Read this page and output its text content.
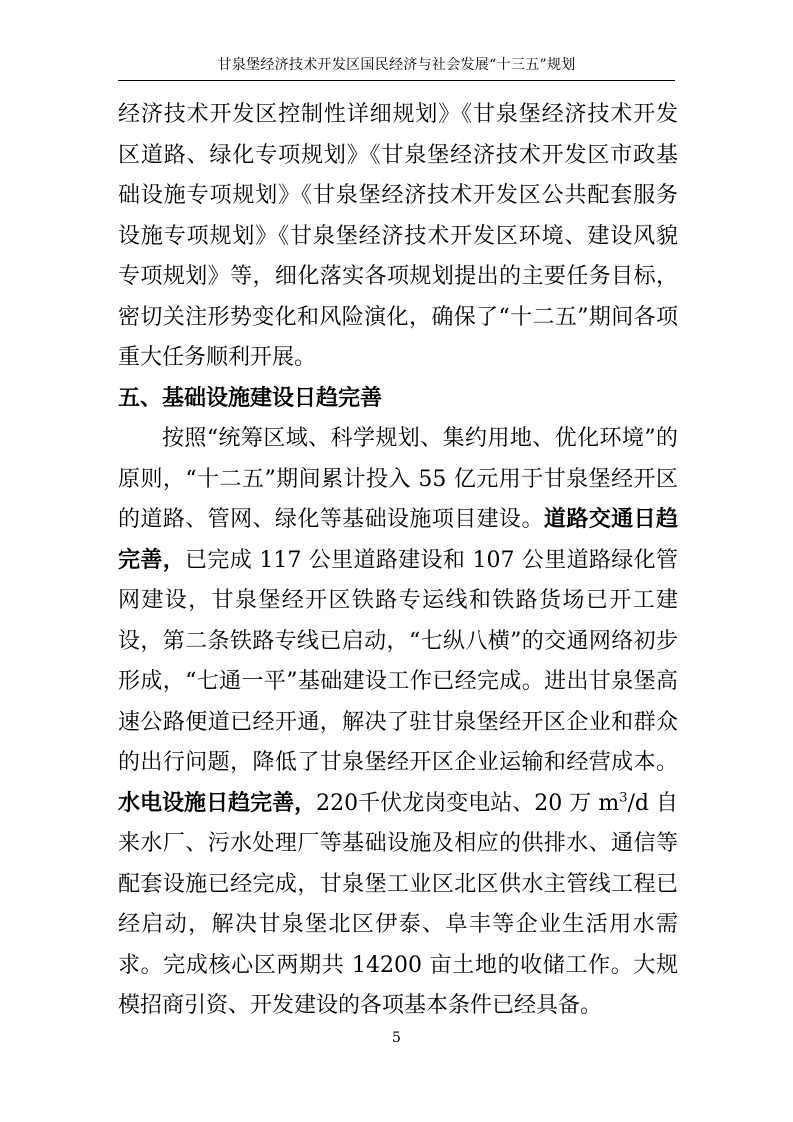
甘泉堡经济技术开发区国民经济与社会发展“十三五”规划

经济技术开发区控制性详细规划》《甘泉堡经济技术开发区道路、绿化专项规划》《甘泉堡经济技术开发区市政基础设施专项规划》《甘泉堡经济技术开发区公共配套服务设施专项规划》《甘泉堡经济技术开发区环境、建设风貌专项规划》等，细化落实各项规划提出的主要任务目标，密切关注形势变化和风险演化，确保了“十二五”期间各项重大任务顺利开展。

五、基础设施建设日趋完善

按照“统筹区域、科学规划、集约用地、优化环境”的原则，“十二五”期间累计投入 55 亿元用于甘泉堡经开区的道路、管网、绿化等基础设施项目建设。道路交通日趋完善，已完成 117 公里道路建设和 107 公里道路绿化管网建设，甘泉堡经开区铁路专运线和铁路货场已开工建设，第二条铁路专线已启动，“七纵八横”的交通网络初步形成，“七通一平”基础建设工作已经完成。进出甘泉堡高速公路便道已经开通，解决了驻甘泉堡经开区企业和群众的出行问题，降低了甘泉堡经开区企业运输和经营成本。水电设施日趋完善，220千伏龙岗变电站、20 万 $m^3/d$ 自来水厂、污水处理厂等基础设施及相应的供排水、通信等配套设施已经完成，甘泉堡工业区北区供水主管线工程已经启动，解决甘泉堡北区伊泰、阜丰等企业生活用水需求。完成核心区两期共 14200 亩土地的收储工作。大规模招商引资、开发建设的各项基本条件已经具备。

5
